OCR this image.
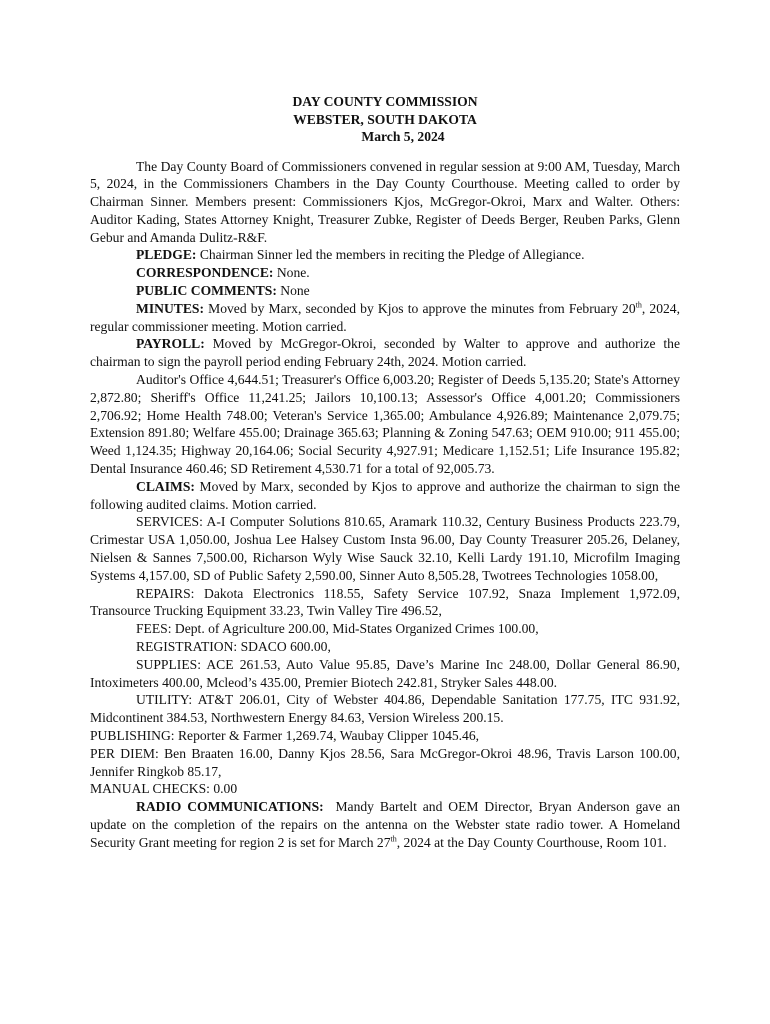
DAY COUNTY COMMISSION
WEBSTER, SOUTH DAKOTA
March 5, 2024

The Day County Board of Commissioners convened in regular session at 9:00 AM, Tuesday, March 5, 2024, in the Commissioners Chambers in the Day County Courthouse. Meeting called to order by Chairman Sinner. Members present: Commissioners Kjos, McGregor-Okroi, Marx and Walter. Others: Auditor Kading, States Attorney Knight, Treasurer Zubke, Register of Deeds Berger, Reuben Parks, Glenn Gebur and Amanda Dulitz-R&F.

PLEDGE: Chairman Sinner led the members in reciting the Pledge of Allegiance.

CORRESPONDENCE: None.

PUBLIC COMMENTS: None

MINUTES: Moved by Marx, seconded by Kjos to approve the minutes from February 20th, 2024, regular commissioner meeting. Motion carried.

PAYROLL: Moved by McGregor-Okroi, seconded by Walter to approve and authorize the chairman to sign the payroll period ending February 24th, 2024. Motion carried.

Auditor's Office 4,644.51; Treasurer's Office 6,003.20; Register of Deeds 5,135.20; State's Attorney 2,872.80; Sheriff's Office 11,241.25; Jailors 10,100.13; Assessor's Office 4,001.20; Commissioners 2,706.92; Home Health 748.00; Veteran's Service 1,365.00; Ambulance 4,926.89; Maintenance 2,079.75; Extension 891.80; Welfare 455.00; Drainage 365.63; Planning & Zoning 547.63; OEM 910.00; 911 455.00; Weed 1,124.35; Highway 20,164.06; Social Security 4,927.91; Medicare 1,152.51; Life Insurance 195.82; Dental Insurance 460.46; SD Retirement 4,530.71 for a total of 92,005.73.

CLAIMS: Moved by Marx, seconded by Kjos to approve and authorize the chairman to sign the following audited claims. Motion carried.

SERVICES: A-I Computer Solutions 810.65, Aramark 110.32, Century Business Products 223.79, Crimestar USA 1,050.00, Joshua Lee Halsey Custom Insta 96.00, Day County Treasurer 205.26, Delaney, Nielsen & Sannes 7,500.00, Richarson Wyly Wise Sauck 32.10, Kelli Lardy 191.10, Microfilm Imaging Systems 4,157.00, SD of Public Safety 2,590.00, Sinner Auto 8,505.28, Twotrees Technologies 1058.00,

REPAIRS: Dakota Electronics 118.55, Safety Service 107.92, Snaza Implement 1,972.09, Transource Trucking Equipment 33.23, Twin Valley Tire 496.52,

FEES: Dept. of Agriculture 200.00, Mid-States Organized Crimes 100.00,

REGISTRATION: SDACO 600.00,

SUPPLIES: ACE 261.53, Auto Value 95.85, Dave’s Marine Inc 248.00, Dollar General 86.90, Intoximeters 400.00, Mcleod’s 435.00, Premier Biotech 242.81, Stryker Sales 448.00.

UTILITY: AT&T 206.01, City of Webster 404.86, Dependable Sanitation 177.75, ITC 931.92, Midcontinent 384.53, Northwestern Energy 84.63, Version Wireless 200.15.

PUBLISHING: Reporter & Farmer 1,269.74, Waubay Clipper 1045.46,

PER DIEM: Ben Braaten 16.00, Danny Kjos 28.56, Sara McGregor-Okroi 48.96, Travis Larson 100.00, Jennifer Ringkob 85.17,

MANUAL CHECKS: 0.00

RADIO COMMUNICATIONS:  Mandy Bartelt and OEM Director, Bryan Anderson gave an update on the completion of the repairs on the antenna on the Webster state radio tower. A Homeland Security Grant meeting for region 2 is set for March 27th, 2024 at the Day County Courthouse, Room 101.
